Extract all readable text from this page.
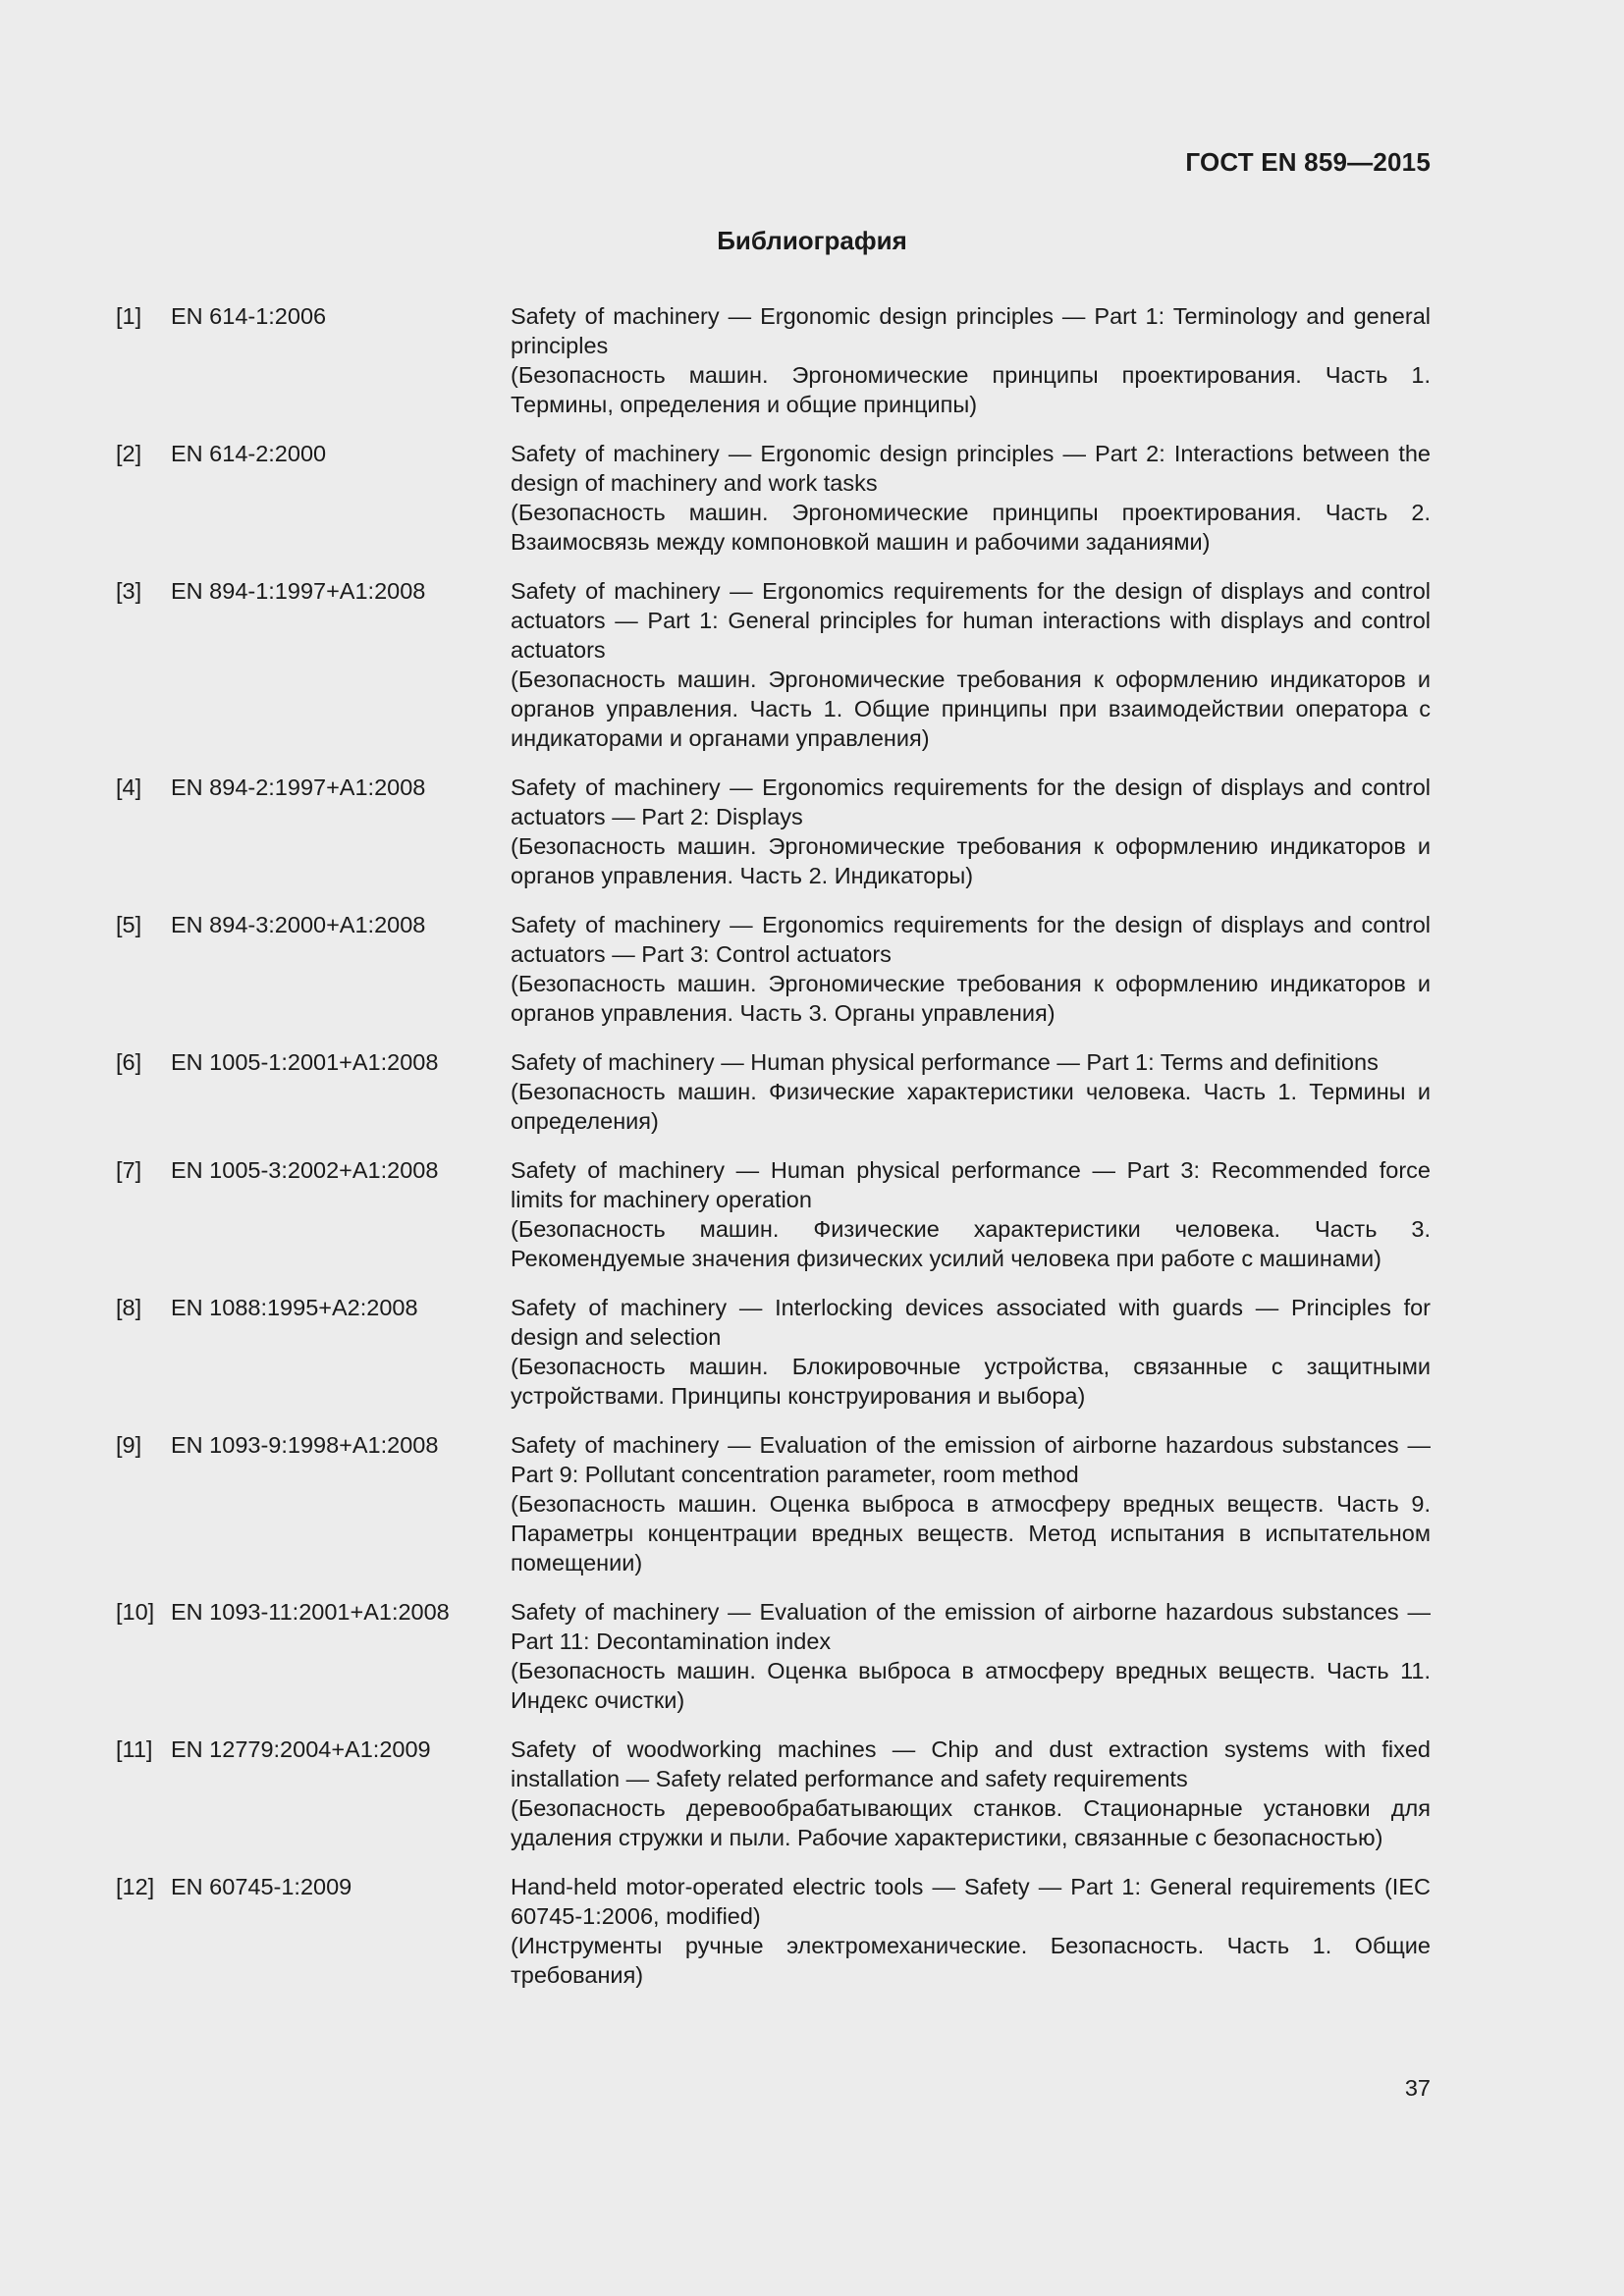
ГОСТ EN 859—2015
Библиография
[1]	EN 614-1:2006	Safety of machinery — Ergonomic design principles — Part 1: Terminology and general principles
(Безопасность машин. Эргономические принципы проектирования. Часть 1. Термины, определения и общие принципы)
[2]	EN 614-2:2000	Safety of machinery — Ergonomic design principles — Part 2: Interactions between the design of machinery and work tasks
(Безопасность машин. Эргономические принципы проектирования. Часть 2. Взаимосвязь между компоновкой машин и рабочими заданиями)
[3]	EN 894-1:1997+A1:2008	Safety of machinery — Ergonomics requirements for the design of displays and control actuators — Part 1: General principles for human interactions with displays and control actuators
(Безопасность машин. Эргономические требования к оформлению индикаторов и органов управления. Часть 1. Общие принципы при взаимодействии оператора с индикаторами и органами управления)
[4]	EN 894-2:1997+A1:2008	Safety of machinery — Ergonomics requirements for the design of displays and control actuators — Part 2: Displays
(Безопасность машин. Эргономические требования к оформлению индикаторов и органов управления. Часть 2. Индикаторы)
[5]	EN 894-3:2000+A1:2008	Safety of machinery — Ergonomics requirements for the design of displays and control actuators — Part 3: Control actuators
(Безопасность машин. Эргономические требования к оформлению индикаторов и органов управления. Часть 3. Органы управления)
[6]	EN 1005-1:2001+A1:2008	Safety of machinery — Human physical performance — Part 1: Terms and definitions
(Безопасность машин. Физические характеристики человека. Часть 1. Термины и определения)
[7]	EN 1005-3:2002+A1:2008	Safety of machinery — Human physical performance — Part 3: Recommended force limits for machinery operation
(Безопасность машин. Физические характеристики человека. Часть 3. Рекомендуемые значения физических усилий человека при работе с машинами)
[8]	EN 1088:1995+A2:2008	Safety of machinery — Interlocking devices associated with guards — Principles for design and selection
(Безопасность машин. Блокировочные устройства, связанные с защитными устройствами. Принципы конструирования и выбора)
[9]	EN 1093-9:1998+A1:2008	Safety of machinery — Evaluation of the emission of airborne hazardous substances — Part 9: Pollutant concentration parameter, room method
(Безопасность машин. Оценка выброса в атмосферу вредных веществ. Часть 9. Параметры концентрации вредных веществ. Метод испытания в испытательном помещении)
[10] EN 1093-11:2001+A1:2008	Safety of machinery — Evaluation of the emission of airborne hazardous substances — Part 11: Decontamination index
(Безопасность машин. Оценка выброса в атмосферу вредных веществ. Часть 11. Индекс очистки)
[11] EN 12779:2004+A1:2009	Safety of woodworking machines — Chip and dust extraction systems with fixed installation — Safety related performance and safety requirements
(Безопасность деревообрабатывающих станков. Стационарные установки для удаления стружки и пыли. Рабочие характеристики, связанные с безопасностью)
[12] EN 60745-1:2009	Hand-held motor-operated electric tools — Safety — Part 1: General requirements (IEC 60745-1:2006, modified)
(Инструменты ручные электромеханические. Безопасность. Часть 1. Общие требования)
37
